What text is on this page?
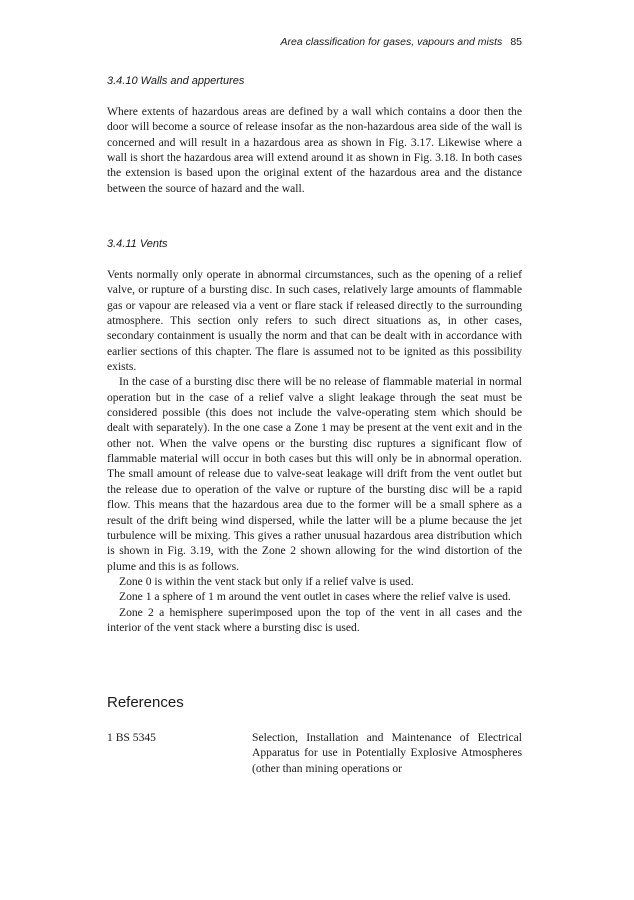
Area classification for gases, vapours and mists 85
3.4.10 Walls and appertures

Where extents of hazardous areas are defined by a wall which contains a door then the door will become a source of release insofar as the non-hazardous area side of the wall is concerned and will result in a hazardous area as shown in Fig. 3.17. Likewise where a wall is short the hazardous area will extend around it as shown in Fig. 3.18. In both cases the extension is based upon the original extent of the hazardous area and the distance between the source of hazard and the wall.

3.4.11 Vents

Vents normally only operate in abnormal circumstances, such as the opening of a relief valve, or rupture of a bursting disc. In such cases, relatively large amounts of flammable gas or vapour are released via a vent or flare stack if released directly to the surrounding atmosphere. This section only refers to such direct situations as, in other cases, secondary containment is usually the norm and that can be dealt with in accordance with earlier sections of this chapter. The flare is assumed not to be ignited as this possibility exists.

In the case of a bursting disc there will be no release of flammable material in normal operation but in the case of a relief valve a slight leakage through the seat must be considered possible (this does not include the valve-operating stem which should be dealt with separately). In the one case a Zone 1 may be present at the vent exit and in the other not. When the valve opens or the bursting disc ruptures a significant flow of flammable material will occur in both cases but this will only be in abnormal operation. The small amount of release due to valve-seat leakage will drift from the vent outlet but the release due to operation of the valve or rupture of the bursting disc will be a rapid flow. This means that the hazardous area due to the former will be a small sphere as a result of the drift being wind dispersed, while the latter will be a plume because the jet turbulence will be mixing. This gives a rather unusual hazardous area distribution which is shown in Fig. 3.19, with the Zone 2 shown allowing for the wind distortion of the plume and this is as follows.

Zone 0 is within the vent stack but only if a relief valve is used.

Zone 1 a sphere of 1 m around the vent outlet in cases where the relief valve is used.

Zone 2 a hemisphere superimposed upon the top of the vent in all cases and the interior of the vent stack where a bursting disc is used.

References
1 BS 5345	Selection, Installation and Maintenance of Electrical Apparatus for use in Potentially Explosive Atmospheres (other than mining operations or
